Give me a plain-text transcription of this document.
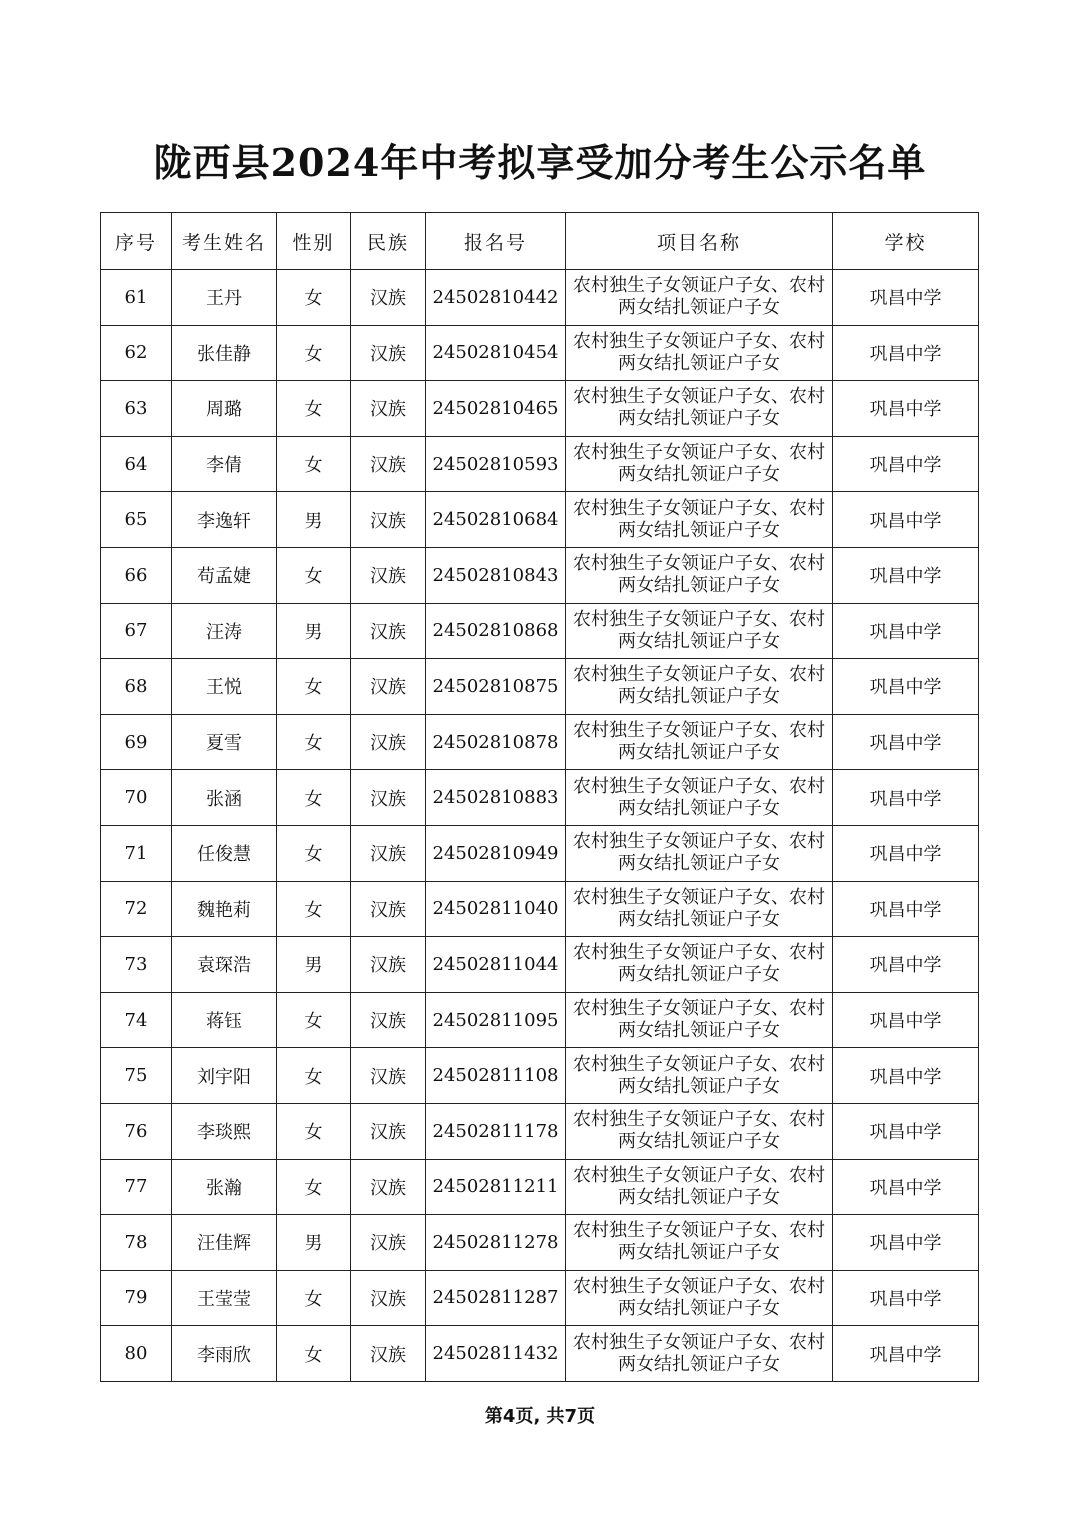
陇西县2024年中考拟享受加分考生公示名单
序号	考生姓名	性别	民族	报名号	项目名称	学校
61	王丹	女	汉族	24502810442	农村独生子女领证户子女、农村两女结扎领证户子女	巩昌中学
62	张佳静	女	汉族	24502810454	农村独生子女领证户子女、农村两女结扎领证户子女	巩昌中学
63	周璐	女	汉族	24502810465	农村独生子女领证户子女、农村两女结扎领证户子女	巩昌中学
64	李倩	女	汉族	24502810593	农村独生子女领证户子女、农村两女结扎领证户子女	巩昌中学
65	李逸轩	男	汉族	24502810684	农村独生子女领证户子女、农村两女结扎领证户子女	巩昌中学
66	苟孟婕	女	汉族	24502810843	农村独生子女领证户子女、农村两女结扎领证户子女	巩昌中学
67	汪涛	男	汉族	24502810868	农村独生子女领证户子女、农村两女结扎领证户子女	巩昌中学
68	王悦	女	汉族	24502810875	农村独生子女领证户子女、农村两女结扎领证户子女	巩昌中学
69	夏雪	女	汉族	24502810878	农村独生子女领证户子女、农村两女结扎领证户子女	巩昌中学
70	张涵	女	汉族	24502810883	农村独生子女领证户子女、农村两女结扎领证户子女	巩昌中学
71	任俊慧	女	汉族	24502810949	农村独生子女领证户子女、农村两女结扎领证户子女	巩昌中学
72	魏艳莉	女	汉族	24502811040	农村独生子女领证户子女、农村两女结扎领证户子女	巩昌中学
73	袁琛浩	男	汉族	24502811044	农村独生子女领证户子女、农村两女结扎领证户子女	巩昌中学
74	蒋钰	女	汉族	24502811095	农村独生子女领证户子女、农村两女结扎领证户子女	巩昌中学
75	刘宇阳	女	汉族	24502811108	农村独生子女领证户子女、农村两女结扎领证户子女	巩昌中学
76	李琰熙	女	汉族	24502811178	农村独生子女领证户子女、农村两女结扎领证户子女	巩昌中学
77	张瀚	女	汉族	24502811211	农村独生子女领证户子女、农村两女结扎领证户子女	巩昌中学
78	汪佳辉	男	汉族	24502811278	农村独生子女领证户子女、农村两女结扎领证户子女	巩昌中学
79	王莹莹	女	汉族	24502811287	农村独生子女领证户子女、农村两女结扎领证户子女	巩昌中学
80	李雨欣	女	汉族	24502811432	农村独生子女领证户子女、农村两女结扎领证户子女	巩昌中学
第4页, 共7页
